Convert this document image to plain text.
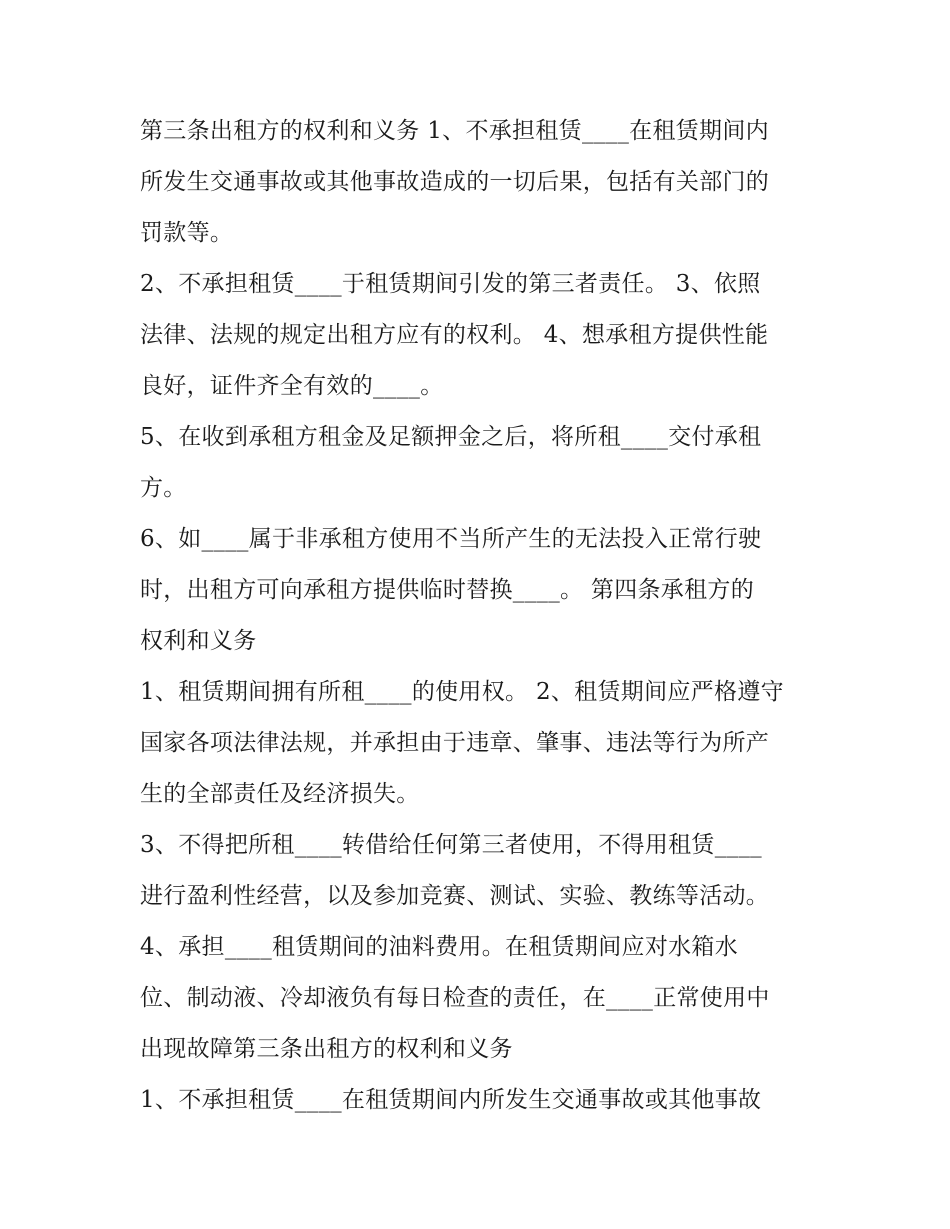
第三条出租方的权利和义务 1、不承担租赁____在租赁期间内
所发生交通事故或其他事故造成的一切后果，包括有关部门的
罚款等。
2、不承担租赁____于租赁期间引发的第三者责任。 3、依照
法律、法规的规定出租方应有的权利。 4、想承租方提供性能
良好，证件齐全有效的____。
5、在收到承租方租金及足额押金之后，将所租____交付承租
方。
6、如____属于非承租方使用不当所产生的无法投入正常行驶
时，出租方可向承租方提供临时替换____。 第四条承租方的
权利和义务
1、租赁期间拥有所租____的使用权。 2、租赁期间应严格遵守
国家各项法律法规，并承担由于违章、肇事、违法等行为所产
生的全部责任及经济损失。
3、不得把所租____转借给任何第三者使用，不得用租赁____
进行盈利性经营，以及参加竞赛、测试、实验、教练等活动。
4、承担____租赁期间的油料费用。在租赁期间应对水箱水
位、制动液、冷却液负有每日检查的责任，在____正常使用中
出现故障第三条出租方的权利和义务
1、不承担租赁____在租赁期间内所发生交通事故或其他事故
